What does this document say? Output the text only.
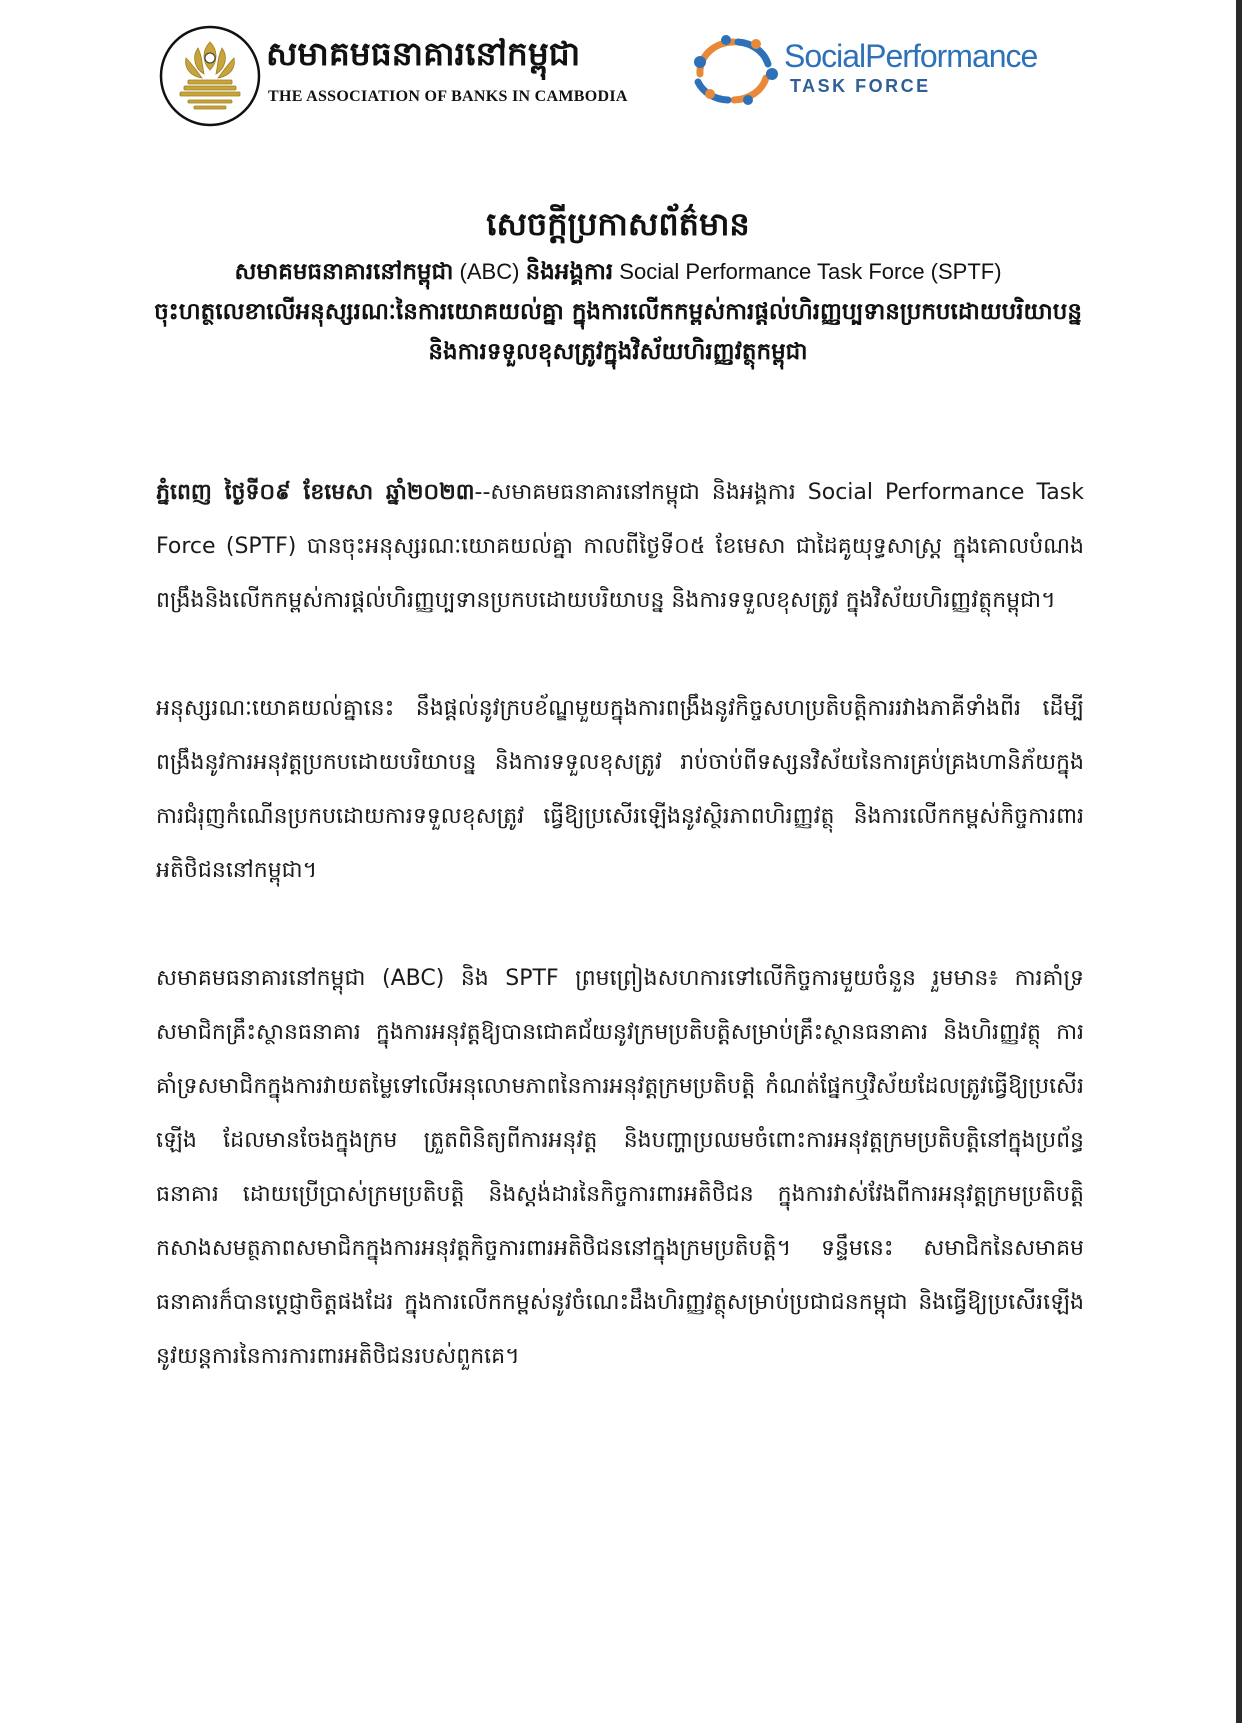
សមាគមធនាគារនៅកម្ពុជា
THE ASSOCIATION OF BANKS IN CAMBODIA
SocialPerformance
TASK FORCE
សេចក្តីប្រកាសព័ត៌មាន
សមាគមធនាគារនៅកម្ពុជា (ABC) និងអង្គការ Social Performance Task Force (SPTF)
ចុះហត្ថលេខាលើអនុស្សរណៈនៃការយោគយល់គ្នា ក្នុងការលើកកម្ពស់ការផ្តល់ហិរញ្ញប្បទានប្រកបដោយបរិយាបន្ន និងការទទួលខុសត្រូវក្នុងវិស័យហិរញ្ញវត្ថុកម្ពុជា

ភ្នំពេញ ថ្ងៃទី០៩ ខែមេសា ឆ្នាំ២០២៣--សមាគមធនាគារនៅកម្ពុជា និងអង្គការ Social Performance Task Force (SPTF) បានចុះអនុស្សរណៈយោគយល់គ្នា កាលពីថ្ងៃទី០៥ ខែមេសា ជាដៃគូយុទ្ធសាស្ត្រ ក្នុងគោលបំណងពង្រឹងនិងលើកកម្ពស់ការផ្តល់ហិរញ្ញប្បទានប្រកបដោយបរិយាបន្ន និងការទទួលខុសត្រូវ ក្នុងវិស័យហិរញ្ញវត្ថុកម្ពុជា។

អនុស្សរណៈយោគយល់គ្នានេះ នឹងផ្តល់នូវក្របខ័ណ្ឌមួយក្នុងការពង្រឹងនូវកិច្ចសហប្រតិបត្តិការរវាងភាគីទាំងពីរ ដើម្បីពង្រឹងនូវការអនុវត្តប្រកបដោយបរិយាបន្ន និងការទទួលខុសត្រូវ រាប់ចាប់ពីទស្សនវិស័យនៃការគ្រប់គ្រងហានិភ័យក្នុងការជំរុញកំណើនប្រកបដោយការទទួលខុសត្រូវ ធ្វើឱ្យប្រសើរឡើងនូវស្ថិរភាពហិរញ្ញវត្ថុ និងការលើកកម្ពស់កិច្ចការពារអតិថិជននៅកម្ពុជា។

សមាគមធនាគារនៅកម្ពុជា (ABC) និង SPTF ព្រមព្រៀងសហការទៅលើកិច្ចការមួយចំនួន រួមមាន៖ ការគាំទ្រសមាជិកគ្រឹះស្ថានធនាគារ ក្នុងការអនុវត្តឱ្យបានជោគជ័យនូវក្រមប្រតិបត្តិសម្រាប់គ្រឹះស្ថានធនាគារ និងហិរញ្ញវត្ថុ ការគាំទ្រសមាជិកក្នុងការវាយតម្លៃទៅលើអនុលោមភាពនៃការអនុវត្តក្រមប្រតិបត្តិ កំណត់ផ្នែកឬវិស័យដែលត្រូវធ្វើឱ្យប្រសើរឡើង ដែលមានចែងក្នុងក្រម ត្រួតពិនិត្យពីការអនុវត្ត និងបញ្ហាប្រឈមចំពោះការអនុវត្តក្រមប្រតិបត្តិនៅក្នុងប្រព័ន្ធធនាគារ ដោយប្រើប្រាស់ក្រមប្រតិបត្តិ និងស្តង់ដារនៃកិច្ចការពារអតិថិជន ក្នុងការវាស់វែងពីការអនុវត្តក្រមប្រតិបត្តិ កសាងសមត្ថភាពសមាជិកក្នុងការអនុវត្តកិច្ចការពារអតិថិជននៅក្នុងក្រមប្រតិបត្តិ។ ទន្ទឹមនេះ សមាជិកនៃសមាគមធនាគារក៏បានប្តេជ្ញាចិត្តផងដែរ ក្នុងការលើកកម្ពស់នូវចំណេះដឹងហិរញ្ញវត្ថុសម្រាប់ប្រជាជនកម្ពុជា និងធ្វើឱ្យប្រសើរឡើងនូវយន្តការនៃការការពារអតិថិជនរបស់ពួកគេ។
